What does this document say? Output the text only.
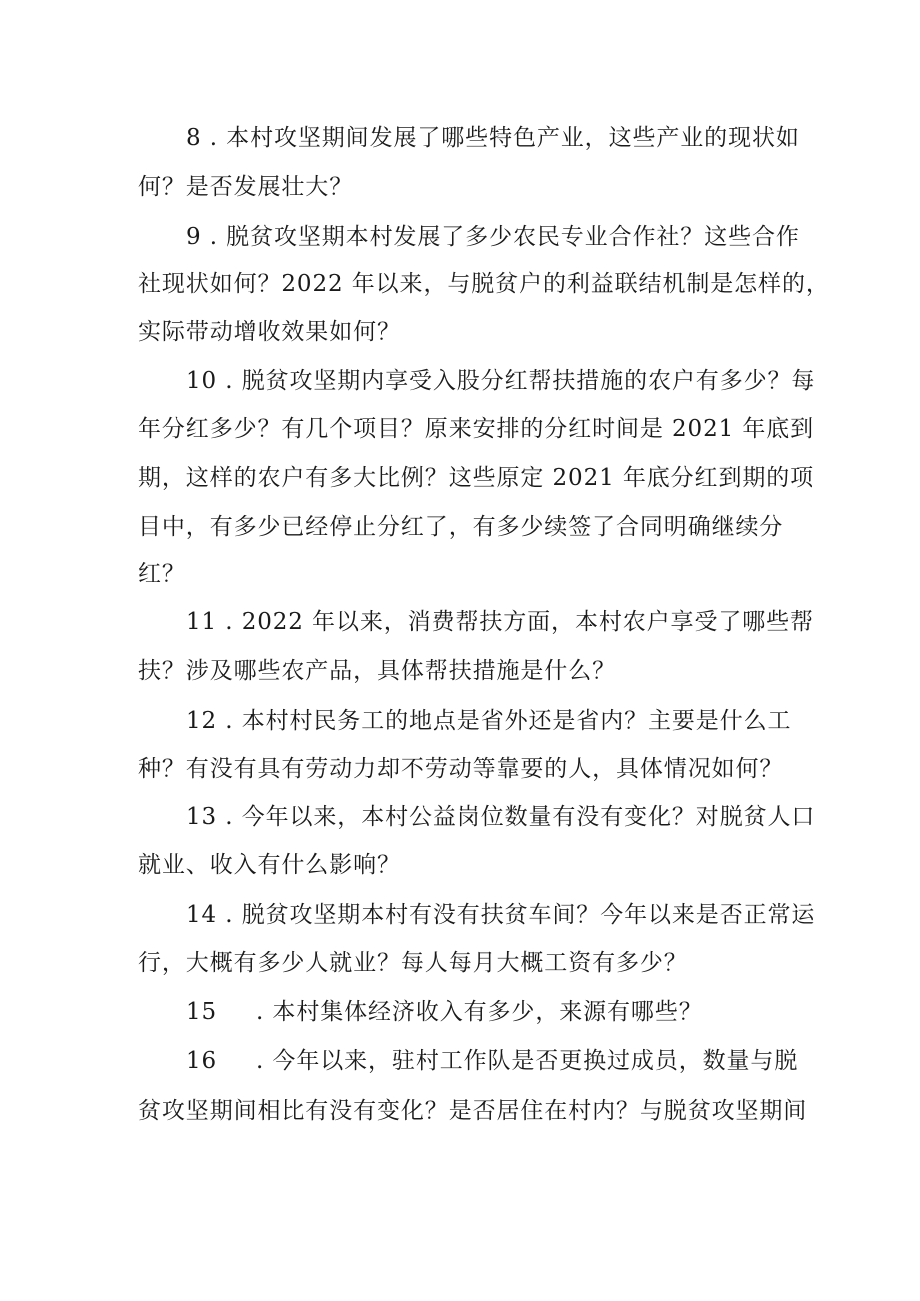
8 . 本村攻坚期间发展了哪些特色产业，这些产业的现状如
何？是否发展壮大？
9 . 脱贫攻坚期本村发展了多少农民专业合作社？这些合作
社现状如何？2022 年以来，与脱贫户的利益联结机制是怎样的，
实际带动增收效果如何？
10 . 脱贫攻坚期内享受入股分红帮扶措施的农户有多少？每
年分红多少？有几个项目？原来安排的分红时间是 2021 年底到
期，这样的农户有多大比例？这些原定 2021 年底分红到期的项
目中，有多少已经停止分红了，有多少续签了合同明确继续分
红？
11 . 2022 年以来，消费帮扶方面，本村农户享受了哪些帮
扶？涉及哪些农产品，具体帮扶措施是什么？
12 . 本村村民务工的地点是省外还是省内？主要是什么工
种？有没有具有劳动力却不劳动等靠要的人，具体情况如何？
13 . 今年以来，本村公益岗位数量有没有变化？对脱贫人口
就业、收入有什么影响？
14 . 脱贫攻坚期本村有没有扶贫车间？今年以来是否正常运
行，大概有多少人就业？每人每月大概工资有多少？
15 . 本村集体经济收入有多少，来源有哪些？
16 . 今年以来，驻村工作队是否更换过成员，数量与脱
贫攻坚期间相比有没有变化？是否居住在村内？与脱贫攻坚期间
